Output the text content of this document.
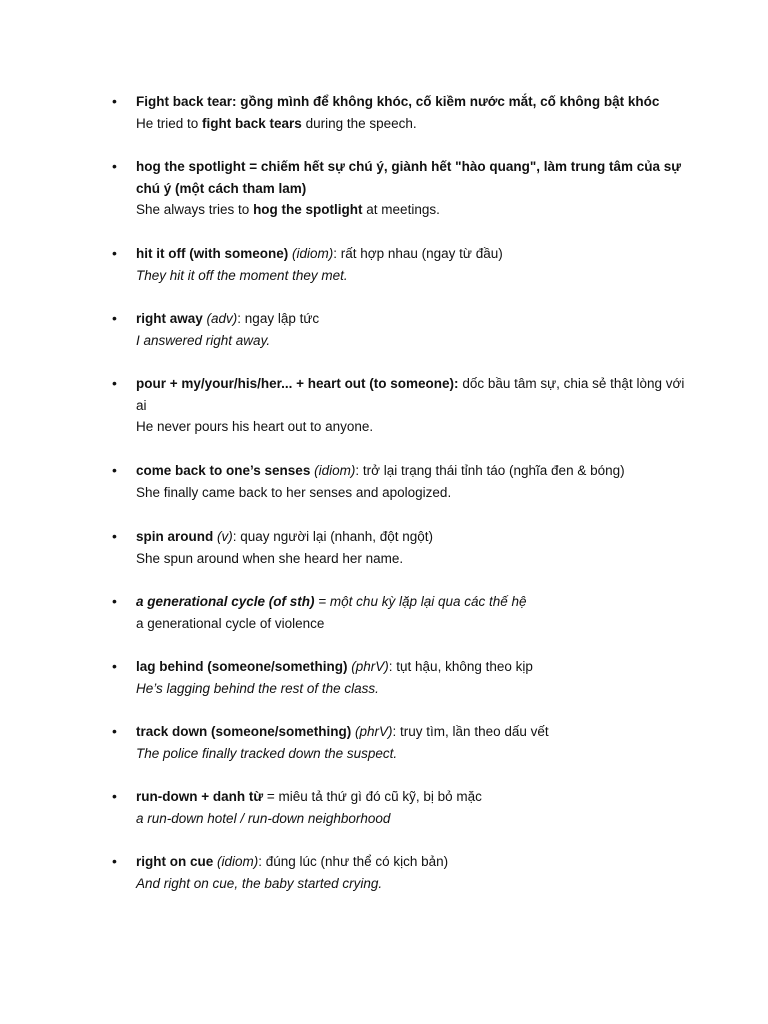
• Fight back tear: gồng mình để không khóc, cố kiềm nước mắt, cố không bật khóc
He tried to fight back tears during the speech.
• hog the spotlight = chiếm hết sự chú ý, giành hết "hào quang", làm trung tâm của sự chú ý (một cách tham lam)
She always tries to hog the spotlight at meetings.
• hit it off (with someone) (idiom): rất hợp nhau (ngay từ đầu)
They hit it off the moment they met.
• right away (adv): ngay lập tức
I answered right away.
• pour + my/your/his/her... + heart out (to someone): dốc bầu tâm sự, chia sẻ thật lòng với ai
He never pours his heart out to anyone.
• come back to one’s senses (idiom): trở lại trạng thái tỉnh táo (nghĩa đen & bóng)
She finally came back to her senses and apologized.
• spin around (v): quay người lại (nhanh, đột ngột)
She spun around when she heard her name.
• a generational cycle (of sth) = một chu kỳ lặp lại qua các thế hệ
a generational cycle of violence
• lag behind (someone/something) (phrV): tụt hậu, không theo kịp
He’s lagging behind the rest of the class.
• track down (someone/something) (phrV): truy tìm, lần theo dấu vết
The police finally tracked down the suspect.
• run-down + danh từ = miêu tả thứ gì đó cũ kỹ, bị bỏ mặc
a run-down hotel / run-down neighborhood
• right on cue (idiom): đúng lúc (như thể có kịch bản)
And right on cue, the baby started crying.
